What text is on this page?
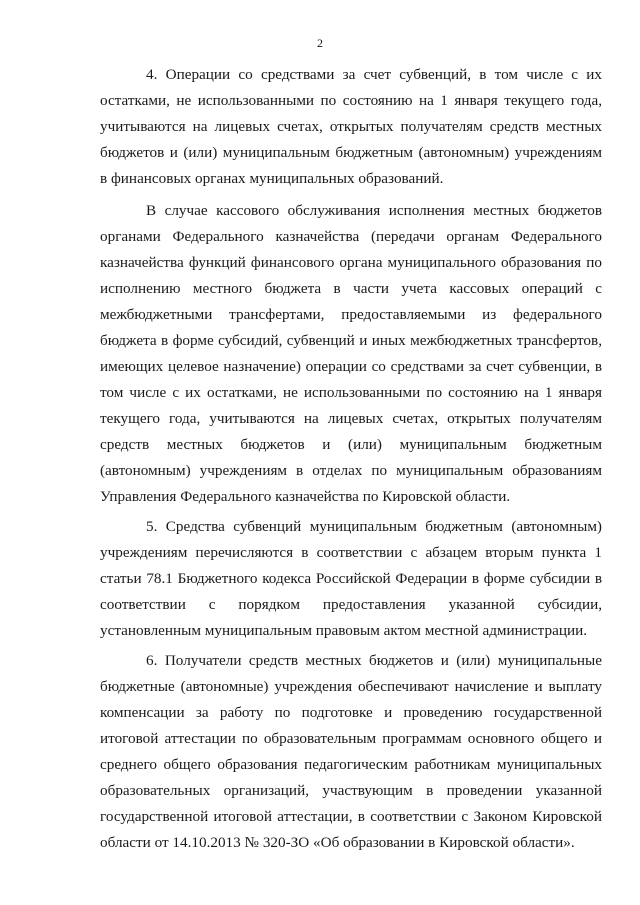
2

4. Операции со средствами за счет субвенций, в том числе с их остатками, не использованными по состоянию на 1 января текущего года, учитываются на лицевых счетах, открытых получателям средств местных бюджетов и (или) муниципальным бюджетным (автономным) учреждениям в финансовых органах муниципальных образований.

В случае кассового обслуживания исполнения местных бюджетов органами Федерального казначейства (передачи органам Федерального казначейства функций финансового органа муниципального образования по исполнению местного бюджета в части учета кассовых операций с межбюджетными трансфертами, предоставляемыми из федерального бюджета в форме субсидий, субвенций и иных межбюджетных трансфертов, имеющих целевое назначение) операции со средствами за счет субвенции, в том числе с их остатками, не использованными по состоянию на 1 января текущего года, учитываются на лицевых счетах, открытых получателям средств местных бюджетов и (или) муниципальным бюджетным (автономным) учреждениям в отделах по муниципальным образованиям Управления Федерального казначейства по Кировской области.

5. Средства субвенций муниципальным бюджетным (автономным) учреждениям перечисляются в соответствии с абзацем вторым пункта 1 статьи 78.1 Бюджетного кодекса Российской Федерации в форме субсидии в соответствии с порядком предоставления указанной субсидии, установленным муниципальным правовым актом местной администрации.

6. Получатели средств местных бюджетов и (или) муниципальные бюджетные (автономные) учреждения обеспечивают начисление и выплату компенсации за работу по подготовке и проведению государственной итоговой аттестации по образовательным программам основного общего и среднего общего образования педагогическим работникам муниципальных образовательных организаций, участвующим в проведении указанной государственной итоговой аттестации, в соответствии с Законом Кировской области от 14.10.2013 № 320-ЗО «Об образовании в Кировской области».
